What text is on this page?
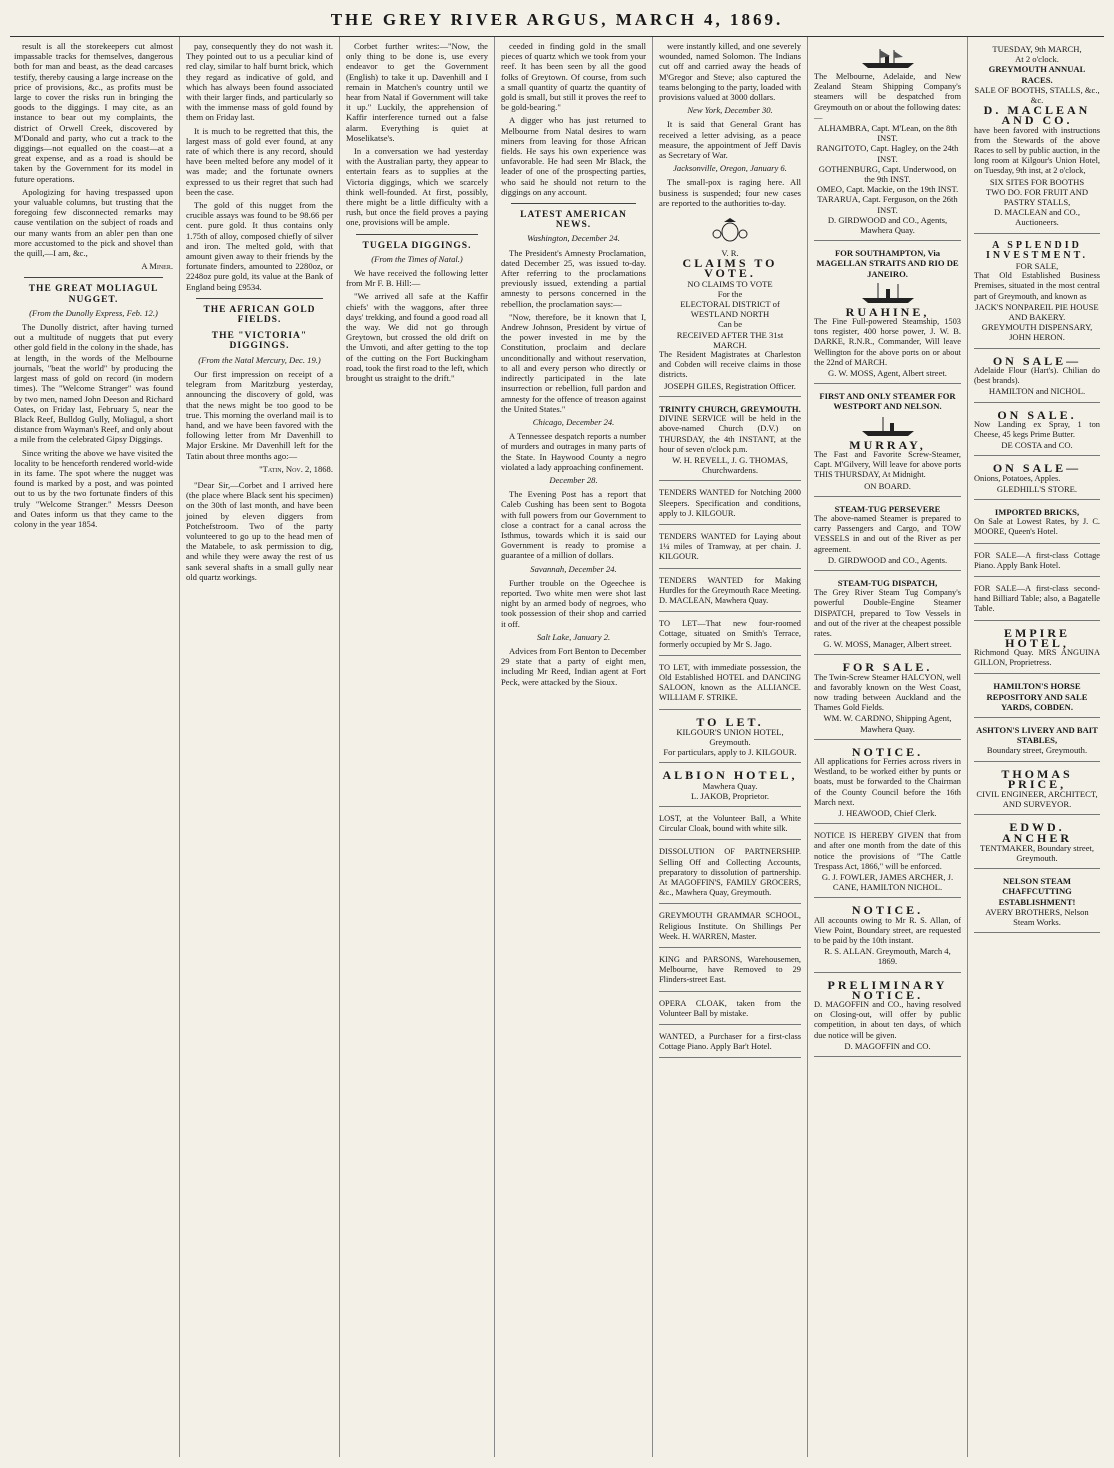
THE GREY RIVER ARGUS, MARCH 4, 1869.

result is all the storekeepers cut almost impassable tracks for themselves, dangerous both for man and beast, as the dead carcases testify, thereby causing a large increase on the price of provisions, &c., as profits must be large to cover the risks run in bringing the goods to the diggings. I may cite, as an instance to bear out my complaints, the district of Orwell Creek, discovered by M'Donald and party, who cut a track to the diggings—not equalled on the coast—at a great expense, and as a road is should be taken by the Government for its model in future operations.

Apologizing for having trespassed upon your valuable columns, but trusting that the foregoing few disconnected remarks may cause ventilation on the subject of roads and our many wants from an abler pen than one more accustomed to the pick and shovel than the quill,—I am, &c.,

A Miner.

THE GREAT MOLIAGUL NUGGET.

(From the Dunolly Express, Feb. 12.)

The Dunolly district, after having turned out a multitude of nuggets that put every other gold field in the colony in the shade, has at length, in the words of the Melbourne journals, "beat the world" by producing the largest mass of gold on record (in modern times). The "Welcome Stranger" was found by two men, named John Deeson and Richard Oates, on Friday last, February 5, near the Black Reef, Bulldog Gully, Moliagul, a short distance from Wayman's Reef, and only about a mile from the celebrated Gipsy Diggings.

Since writing the above we have visited the locality to be henceforth rendered world-wide in its fame. The spot where the nugget was found is marked by a post, and was pointed out to us by the two fortunate finders of this truly "Welcome Stranger." Messrs Deeson and Oates inform us that they came to the colony in the year 1854.

pay, consequently they do not wash it. They pointed out to us a peculiar kind of red clay, similar to half burnt brick, which they regard as indicative of gold, and which has always been found associated with their larger finds, and particularly so with the immense mass of gold found by them on Friday last.

It is much to be regretted that this, the largest mass of gold ever found, at any rate of which there is any record, should have been melted before any model of it was made; and the fortunate owners expressed to us their regret that such had been the case.

The gold of this nugget from the crucible assays was found to be 98.66 per cent. pure gold. It thus contains only 1.75th of alloy, composed chiefly of silver and iron. The melted gold, with that amount given away to their friends by the fortunate finders, amounted to 2280oz, or 2248oz pure gold, its value at the Bank of England being £9534.

THE AFRICAN GOLD FIELDS.

THE "VICTORIA" DIGGINGS.

(From the Natal Mercury, Dec. 19.)

Our first impression on receipt of a telegram from Maritzburg yesterday, announcing the discovery of gold, was that the news might be too good to be true. This morning the overland mail is to hand, and we have been favored with the following letter from Mr Davenhill to Major Erskine. Mr Davenhill left for the Tatin about three months ago:—

"Tatin, Nov. 2, 1868.

"Dear Sir,—Corbet and I arrived here (the place where Black sent his specimen) on the 30th of last month, and have been joined by eleven diggers from Potchefstroom. Two of the party volunteered to go up to the head men of the Matabele, to ask permission to dig, and while they were away the rest of us sank several shafts in a small gully near old quartz workings.

Corbet further writes:—"Now, the only thing to be done is, use every endeavor to get the Government (English) to take it up. Davenhill and I remain in Matchen's country until we hear from Natal if Government will take it up." Luckily, the apprehension of Kaffir interference turned out a false alarm. Everything is quiet at Moselikatse's.

In a conversation we had yesterday with the Australian party, they appear to entertain fears as to supplies at the Victoria diggings, which we scarcely think well-founded. At first, possibly, there might be a little difficulty with a rush, but once the field proves a paying one, provisions will be ample.

TUGELA DIGGINGS.

(From the Times of Natal.)

We have received the following letter from Mr F. B. Hill:—

"We arrived all safe at the Kaffir chiefs' with the waggons, after three days' trekking, and found a good road all the way. We did not go through Greytown, but crossed the old drift on the Umvoti, and after getting to the top of the cutting on the Fort Buckingham road, took the first road to the left, which brought us straight to the drift."

ceeded in finding gold in the small pieces of quartz which we took from your reef. It has been seen by all the good folks of Greytown. Of course, from such a small quantity of quartz the quantity of gold is small, but still it proves the reef to be gold-bearing."

A digger who has just returned to Melbourne from Natal desires to warn miners from leaving for those African fields. He says his own experience was unfavorable. He had seen Mr Black, the leader of one of the prospecting parties, who said he should not return to the diggings on any account.

LATEST AMERICAN NEWS.

Washington, December 24.

The President's Amnesty Proclamation, dated December 25, was issued to-day. After referring to the proclamations previously issued, extending a partial amnesty to persons concerned in the rebellion, the proclamation says:—

"Now, therefore, be it known that I, Andrew Johnson, President by virtue of the power invested in me by the Constitution, proclaim and declare unconditionally and without reservation, to all and every person who directly or indirectly participated in the late insurrection or rebellion, full pardon and amnesty for the offence of treason against the United States."

Chicago, December 24.

A Tennessee despatch reports a number of murders and outrages in many parts of the State. In Haywood County a negro violated a lady approaching confinement.

December 28.

The Evening Post has a report that Caleb Cushing has been sent to Bogota with full powers from our Government to close a contract for a canal across the Isthmus, towards which it is said our Government is ready to promise a guarantee of a million of dollars.

Savannah, December 24.

Further trouble on the Ogeechee is reported. Two white men were shot last night by an armed body of negroes, who took possession of their shop and carried it off.

Salt Lake, January 2.

Advices from Fort Benton to December 29 state that a party of eight men, including Mr Reed, Indian agent at Fort Peck, were attacked by the Sioux.

were instantly killed, and one severely wounded, named Solomon. The Indians cut off and carried away the heads of M'Gregor and Steve; also captured the teams belonging to the party, loaded with provisions valued at 3000 dollars.

New York, December 30.

It is said that General Grant has received a letter advising, as a peace measure, the appointment of Jeff Davis as Secretary of War.

Jacksonville, Oregon, January 6.

The small-pox is raging here. All business is suspended; four new cases are reported to the authorities to-day.

V. R.
CLAIMS TO VOTE.
NO CLAIMS TO VOTE
For the
ELECTORAL DISTRICT of WESTLAND NORTH
Can be
RECEIVED AFTER THE 31st MARCH.
The Resident Magistrates at Charleston and Cobden will receive claims in those districts.
JOSEPH GILES, Registration Officer.
TRINITY CHURCH, GREYMOUTH.
DIVINE SERVICE will be held in the above-named Church (D.V.) on THURSDAY, the 4th INSTANT, at the hour of seven o'clock p.m.
W. H. REVELL, J. G. THOMAS, Churchwardens.
TENDERS WANTED for Notching 2000 Sleepers. Specification and conditions, apply to J. KILGOUR.
TENDERS WANTED for Laying about 1¼ miles of Tramway, at per chain. J. KILGOUR.
TENDERS WANTED for Making Hurdles for the Greymouth Race Meeting. D. MACLEAN, Mawhera Quay.
TO LET—That new four-roomed Cottage, situated on Smith's Terrace, formerly occupied by Mr S. Jago.
TO LET, with immediate possession, the Old Established HOTEL and DANCING SALOON, known as the ALLIANCE. WILLIAM F. STRIKE.
TO LET.
KILGOUR'S UNION HOTEL,
Greymouth.
For particulars, apply to J. KILGOUR.
ALBION HOTEL,
Mawhera Quay.
L. JAKOB, Proprietor.
LOST, at the Volunteer Ball, a White Circular Cloak, bound with white silk.
DISSOLUTION OF PARTNERSHIP. Selling Off and Collecting Accounts, preparatory to dissolution of partnership. At MAGOFFIN'S, FAMILY GROCERS, &c., Mawhera Quay, Greymouth.
GREYMOUTH GRAMMAR SCHOOL, Religious Institute. On Shillings Per Week. H. WARREN, Master.
KING and PARSONS, Warehousemen, Melbourne, have Removed to 29 Flinders-street East.
OPERA CLOAK, taken from the Volunteer Ball by mistake.
WANTED, a Purchaser for a first-class Cottage Piano. Apply Bar't Hotel.
The Melbourne, Adelaide, and New Zealand Steam Shipping Company's steamers will be despatched from Greymouth on or about the following dates:—
ALHAMBRA, Capt. M'Lean, on the 8th INST.
RANGITOTO, Capt. Hagley, on the 24th INST.
GOTHENBURG, Capt. Underwood, on the 9th INST.
OMEO, Capt. Mackie, on the 19th INST.
TARARUA, Capt. Ferguson, on the 26th INST.
D. GIRDWOOD and CO., Agents, Mawhera Quay.
FOR SOUTHAMPTON, Via MAGELLAN STRAITS AND RIO DE JANEIRO.
RUAHINE,
The Fine Full-powered Steamship, 1503 tons register, 400 horse power, J. W. B. DARKE, R.N.R., Commander, Will leave Wellington for the above ports on or about the 22nd of MARCH.
G. W. MOSS, Agent, Albert street.
FIRST AND ONLY STEAMER FOR WESTPORT AND NELSON.
MURRAY,
The Fast and Favorite Screw-Steamer, Capt. M'Gilvery, Will leave for above ports THIS THURSDAY, At Midnight.
ON BOARD.
STEAM-TUG PERSEVERE
The above-named Steamer is prepared to carry Passengers and Cargo, and TOW VESSELS in and out of the River as per agreement.
D. GIRDWOOD and CO., Agents.
STEAM-TUG DISPATCH,
The Grey River Steam Tug Company's powerful Double-Engine Steamer DISPATCH, prepared to Tow Vessels in and out of the river at the cheapest possible rates.
G. W. MOSS, Manager, Albert street.
FOR SALE.
The Twin-Screw Steamer HALCYON, well and favorably known on the West Coast, now trading between Auckland and the Thames Gold Fields.
WM. W. CARDNO, Shipping Agent, Mawhera Quay.
NOTICE.
All applications for Ferries across rivers in Westland, to be worked either by punts or boats, must be forwarded to the Chairman of the County Council before the 16th March next.
J. HEAWOOD, Chief Clerk.
NOTICE IS HEREBY GIVEN that from and after one month from the date of this notice the provisions of "The Cattle Trespass Act, 1866," will be enforced.
G. J. FOWLER, JAMES ARCHER, J. CANE, HAMILTON NICHOL.
NOTICE.
All accounts owing to Mr R. S. Allan, of View Point, Boundary street, are requested to be paid by the 10th instant.
R. S. ALLAN. Greymouth, March 4, 1869.
PRELIMINARY NOTICE.
D. MAGOFFIN and CO., having resolved on Closing-out, will offer by public competition, in about ten days, of which due notice will be given.
D. MAGOFFIN and CO.
TUESDAY, 9th MARCH,
At 2 o'clock.
GREYMOUTH ANNUAL RACES.
SALE OF BOOTHS, STALLS, &c., &c.
D. MACLEAN AND CO.
have been favored with instructions from the Stewards of the above Races to sell by public auction, in the long room at Kilgour's Union Hotel, on Tuesday, 9th inst, at 2 o'clock,
SIX SITES FOR BOOTHS
TWO DO. FOR FRUIT AND PASTRY STALLS,
D. MACLEAN and CO., Auctioneers.
A SPLENDID INVESTMENT.
FOR SALE,
That Old Established Business Premises, situated in the most central part of Greymouth, and known as
JACK'S NONPAREIL PIE HOUSE AND BAKERY.
GREYMOUTH DISPENSARY,
JOHN HERON.
ON SALE—
Adelaide Flour (Hart's). Chilian do (best brands).
HAMILTON and NICHOL.
ON SALE.
Now Landing ex Spray, 1 ton Cheese, 45 kegs Prime Butter.
DE COSTA and CO.
ON SALE—
Onions, Potatoes, Apples.
GLEDHILL'S STORE.
IMPORTED BRICKS,
On Sale at Lowest Rates, by J. C. MOORE, Queen's Hotel.
FOR SALE—A first-class Cottage Piano. Apply Bank Hotel.
FOR SALE—A first-class second-hand Billiard Table; also, a Bagatelle Table.
EMPIRE HOTEL,
Richmond Quay. MRS ANGUINA GILLON, Proprietress.
HAMILTON'S HORSE REPOSITORY AND SALE YARDS, COBDEN.
ASHTON'S LIVERY AND BAIT STABLES,
Boundary street, Greymouth.
THOMAS PRICE,
CIVIL ENGINEER, ARCHITECT, AND SURVEYOR.
EDWD. ANCHER
TENTMAKER, Boundary street, Greymouth.
NELSON STEAM CHAFFCUTTING ESTABLISHMENT!
AVERY BROTHERS, Nelson Steam Works.
